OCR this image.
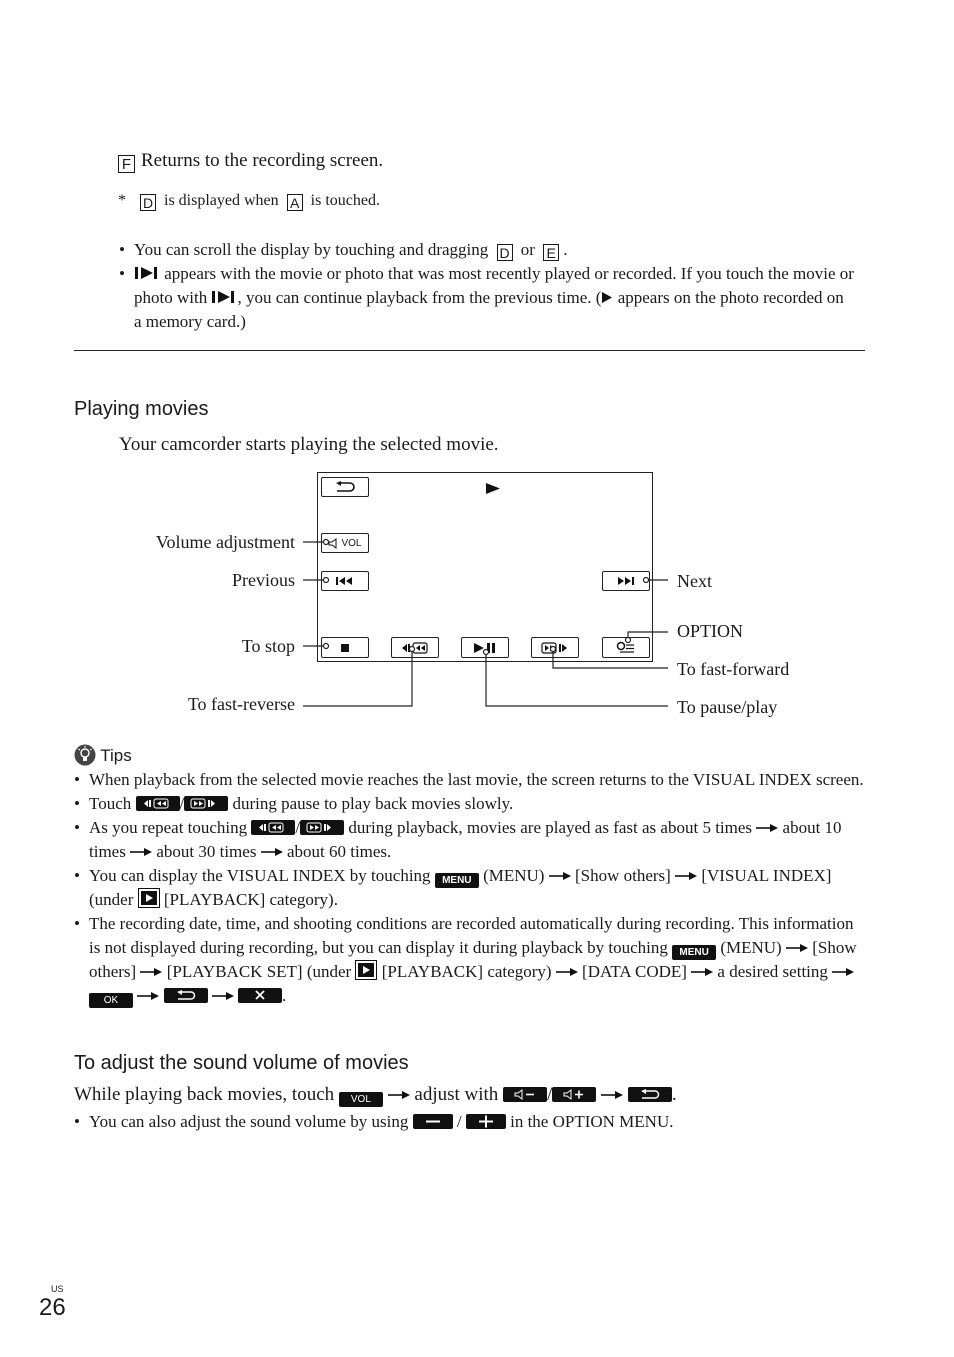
F Returns to the recording screen.
* D is displayed when A is touched.
• You can scroll the display by touching and dragging D or E .
• appears with the movie or photo that was most recently played or recorded. If you touch the movie or photo with , you can continue playback from the previous time. ( appears on the photo recorded on a memory card.)
Playing movies
Your camcorder starts playing the selected movie.
VOL
Volume adjustment
Previous
To stop
To fast-reverse
Next
OPTION
To fast-forward
To pause/play
Tips
• When playback from the selected movie reaches the last movie, the screen returns to the VISUAL INDEX screen.
• Touch	/	during pause to play back movies slowly.
• As you repeat touching	/	during playback, movies are played as fast as about 5 times about 10 times about 30 times about 60 times.
• You can display the VISUAL INDEX by touching MENU (MENU) [Show others] [VISUAL INDEX] (under [PLAYBACK] category).
• The recording date, time, and shooting conditions are recorded automatically during recording. This information is not displayed during recording, but you can display it during playback by touching MENU (MENU) [Show others] [PLAYBACK SET] (under [PLAYBACK] category) [DATA CODE] a desired setting  OK
	.
To adjust the sound volume of movies
While playing back movies, touch VOL adjust with	/
	.
• You can also adjust the sound volume by using	/	in the OPTION MENU.
US
26
